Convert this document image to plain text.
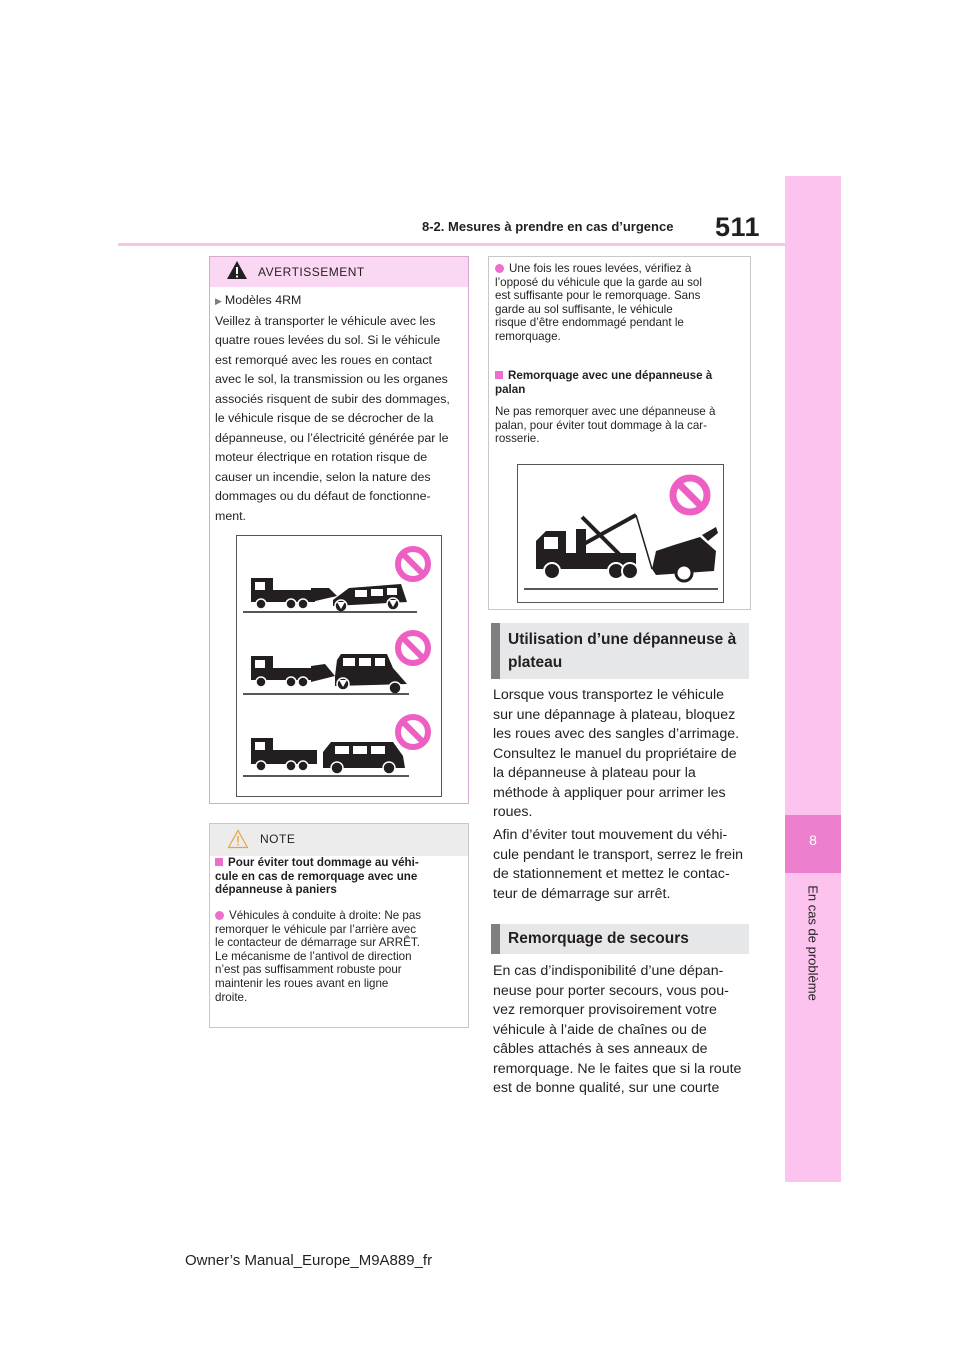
8-2. Mesures à prendre en cas d’urgence 511
8
En cas de problème
AVERTISSEMENT
▶ Modèles 4RM
Veillez à transporter le véhicule avec les
quatre roues levées du sol. Si le véhicule
est remorqué avec les roues en contact
avec le sol, la transmission ou les organes
associés risquent de subir des dommages,
le véhicule risque de se décrocher de la
dépanneuse, ou l’électricité générée par le
moteur électrique en rotation risque de
causer un incendie, selon la nature des
dommages ou du défaut de fonctionne-
ment.
NOTE
Pour éviter tout dommage au véhi-
cule en cas de remorquage avec une
dépanneuse à paniers
Véhicules à conduite à droite: Ne pas
remorquer le véhicule par l’arrière avec
le contacteur de démarrage sur ARRÊT.
Le mécanisme de l’antivol de direction
n’est pas suffisamment robuste pour
maintenir les roues avant en ligne
droite.
Une fois les roues levées, vérifiez à
l’opposé du véhicule que la garde au sol
est suffisante pour le remorquage. Sans
garde au sol suffisante, le véhicule
risque d’être endommagé pendant le
remorquage.
Remorquage avec une dépanneuse à
palan
Ne pas remorquer avec une dépanneuse à
palan, pour éviter tout dommage à la car-
rosserie.
Utilisation d’une dépanneuse à
plateau
Lorsque vous transportez le véhicule
sur une dépannage à plateau, bloquez
les roues avec des sangles d’arrimage.
Consultez le manuel du propriétaire de
la dépanneuse à plateau pour la
méthode à appliquer pour arrimer les
roues.
Afin d’éviter tout mouvement du véhi-
cule pendant le transport, serrez le frein
de stationnement et mettez le contac-
teur de démarrage sur arrêt.
Remorquage de secours
En cas d’indisponibilité d’une dépan-
neuse pour porter secours, vous pou-
vez remorquer provisoirement votre
véhicule à l’aide de chaînes ou de
câbles attachés à ses anneaux de
remorquage. Ne le faites que si la route
est de bonne qualité, sur une courte
Owner’s Manual_Europe_M9A889_fr
